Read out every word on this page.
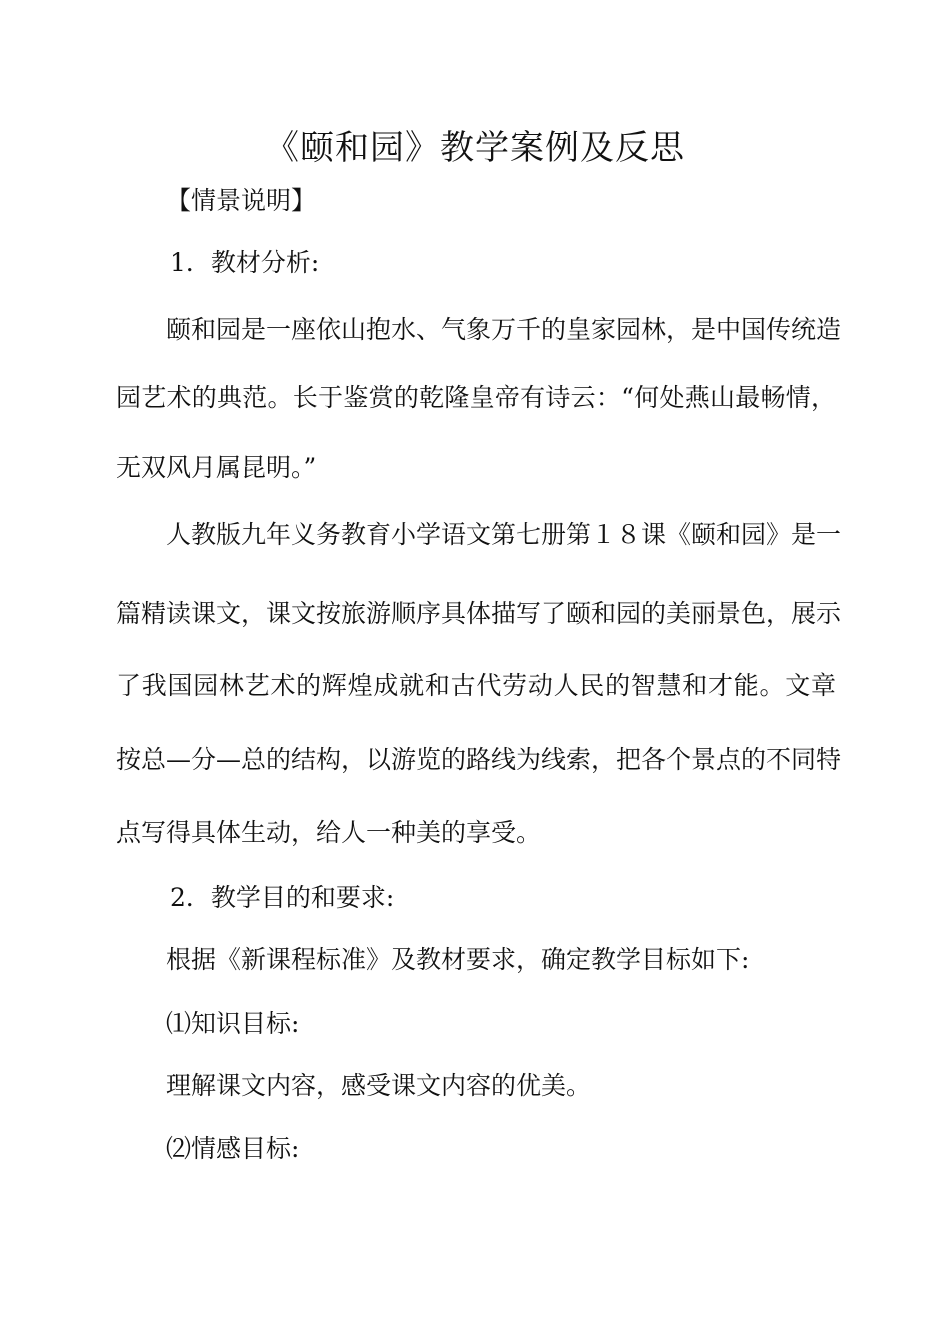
《颐和园》教学案例及反思
【情景说明】
1．教材分析:
颐和园是一座依山抱水、气象万千的皇家园林，是中国传统造
园艺术的典范。长于鉴赏的乾隆皇帝有诗云：“何处燕山最畅情，
无双风月属昆明。”
人教版九年义务教育小学语文第七册第１８课《颐和园》是一
篇精读课文，课文按旅游顺序具体描写了颐和园的美丽景色，展示
了我国园林艺术的辉煌成就和古代劳动人民的智慧和才能。文章
按总—分—总的结构，以游览的路线为线索，把各个景点的不同特
点写得具体生动，给人一种美的享受。
2．教学目的和要求:
根据《新课程标准》及教材要求，确定教学目标如下:
⑴知识目标:
理解课文内容，感受课文内容的优美。
⑵情感目标:
